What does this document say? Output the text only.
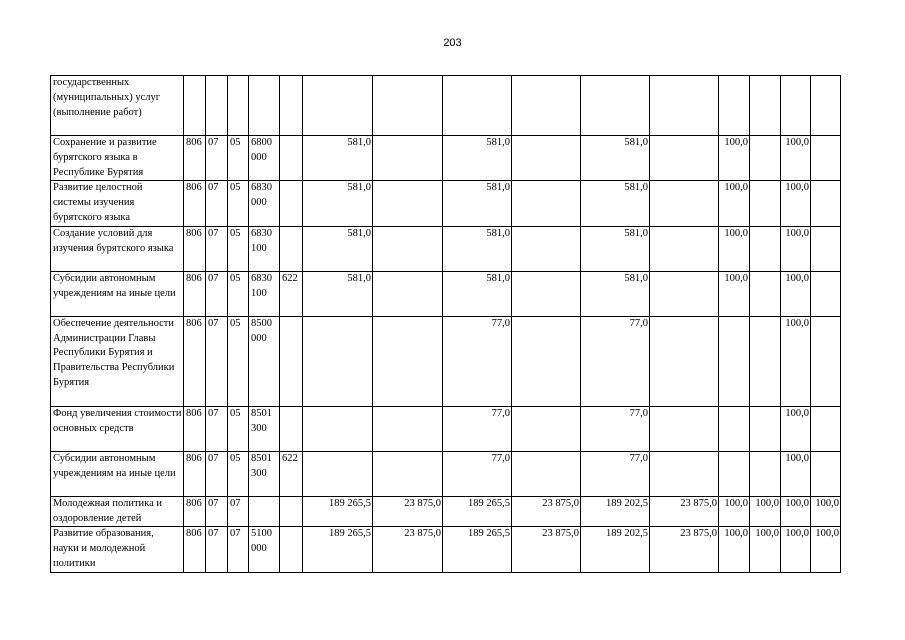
203
государственных (муниципальных) услуг (выполнение работ)															
Сохранение и развитие бурятского языка в Республике Бурятия	806	07	05	6800 000		581,0		581,0		581,0		100,0		100,0	
Развитие целостной системы изучения бурятского языка	806	07	05	6830 000		581,0		581,0		581,0		100,0		100,0	
Создание условий для изучения бурятского языка	806	07	05	6830 100		581,0		581,0		581,0		100,0		100,0	
Субсидии автономным учреждениям на иные цели	806	07	05	6830 100	622	581,0		581,0		581,0		100,0		100,0	
Обеспечение деятельности Администрации Главы Республики Бурятия и Правительства Республики Бурятия	806	07	05	8500 000				77,0		77,0				100,0	
Фонд увеличения стоимости основных средств	806	07	05	8501 300				77,0		77,0				100,0	
Субсидии автономным учреждениям на иные цели	806	07	05	8501 300	622			77,0		77,0				100,0	
Молодежная политика и оздоровление детей	806	07	07			189 265,5	23 875,0	189 265,5	23 875,0	189 202,5	23 875,0	100,0	100,0	100,0	100,0
Развитие образования, науки и молодежной политики	806	07	07	5100 000		189 265,5	23 875,0	189 265,5	23 875,0	189 202,5	23 875,0	100,0	100,0	100,0	100,0
